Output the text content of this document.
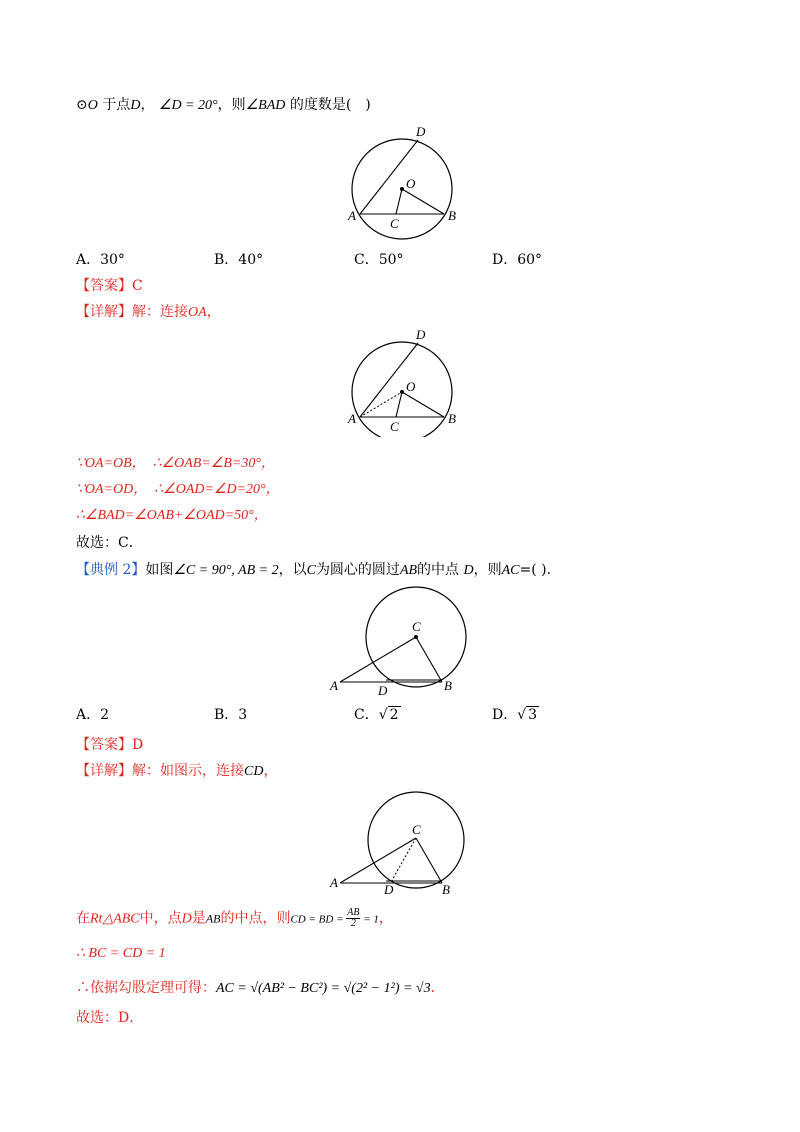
⊙O 于点D， ∠D = 20°，则∠BAD 的度数是(　)
A	B
C
D
O
A．30°	B．40°	C．50°	D．60°
【答案】C
【详解】解：连接OA，
A	B
C
D
O
∵OA=OB，　∴∠OAB=∠B=30°，
∵OA=OD，　∴∠OAD=∠D=20°，
∴∠BAD=∠OAB+∠OAD=50°，
故选：C．
【典例 2】如图∠C = 90°, AB = 2，以C为圆心的圆过AB的中点 D，则AC=( ).
A	B
C
D
A．2	B．3	C．√ 2	D．√ 3
【答案】D
【详解】解：如图示，连接CD，
A	B
C
D
在Rt△ABC中，点D是AB的中点，则CD = BD = $\frac{AB}{2} = 1$，
∴ BC = CD = 1
∴依据勾股定理可得：AC = √(AB² − BC²) = √(2² − 1²) = √3．
故选：D．
